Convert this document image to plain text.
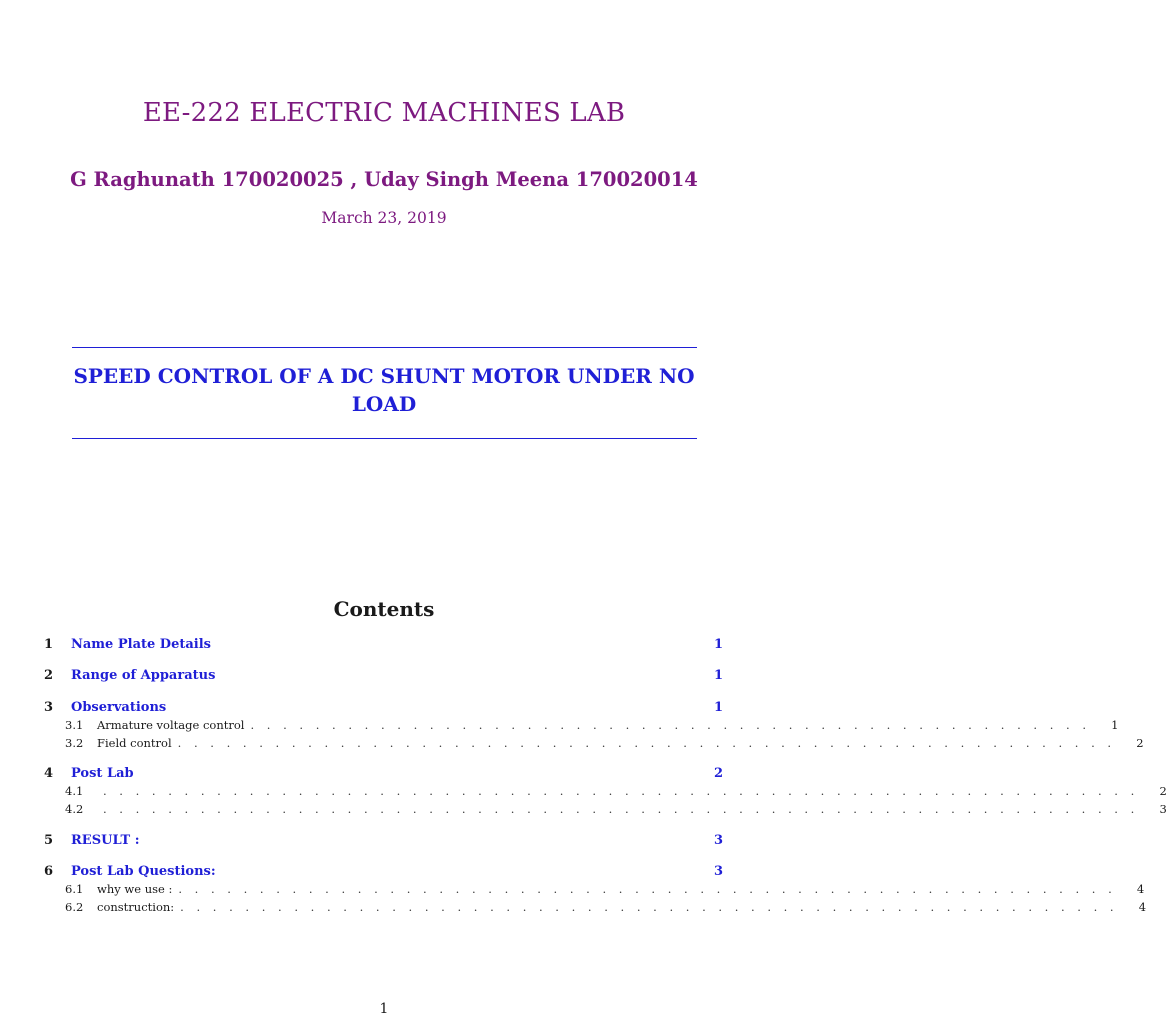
EE-222 ELECTRIC MACHINES LAB

G Raghunath 170020025 , Uday Singh Meena 170020014

March 23, 2019

SPEED CONTROL OF A DC SHUNT MOTOR UNDER NO LOAD
Contents
1 Name Plate Details	1
2 Range of Apparatus	1
3 Observations	1
3.1	Armature voltage control . . . . . . . . . . . . . . . . . . . . . . . . . . . . . . . . . . . . . . . . . . . . . . . . . . . .	1
3.2	Field control . . . . . . . . . . . . . . . . . . . . . . . . . . . . . . . . . . . . . . . . . . . . . . . . . . . . . . . . . .	2
4 Post Lab	2
4.1	. . . . . . . . . . . . . . . . . . . . . . . . . . . . . . . . . . . . . . . . . . . . . . . . . . . . . . . . . . . . . . . .	2
4.2	. . . . . . . . . . . . . . . . . . . . . . . . . . . . . . . . . . . . . . . . . . . . . . . . . . . . . . . . . . . . . . . .	3
5 RESULT :	3
6 Post Lab Questions:	3
6.1	why we use : . . . . . . . . . . . . . . . . . . . . . . . . . . . . . . . . . . . . . . . . . . . . . . . . . . . . . . . . . .	4
6.2	construction: . . . . . . . . . . . . . . . . . . . . . . . . . . . . . . . . . . . . . . . . . . . . . . . . . . . . . . . . . .	4

1
